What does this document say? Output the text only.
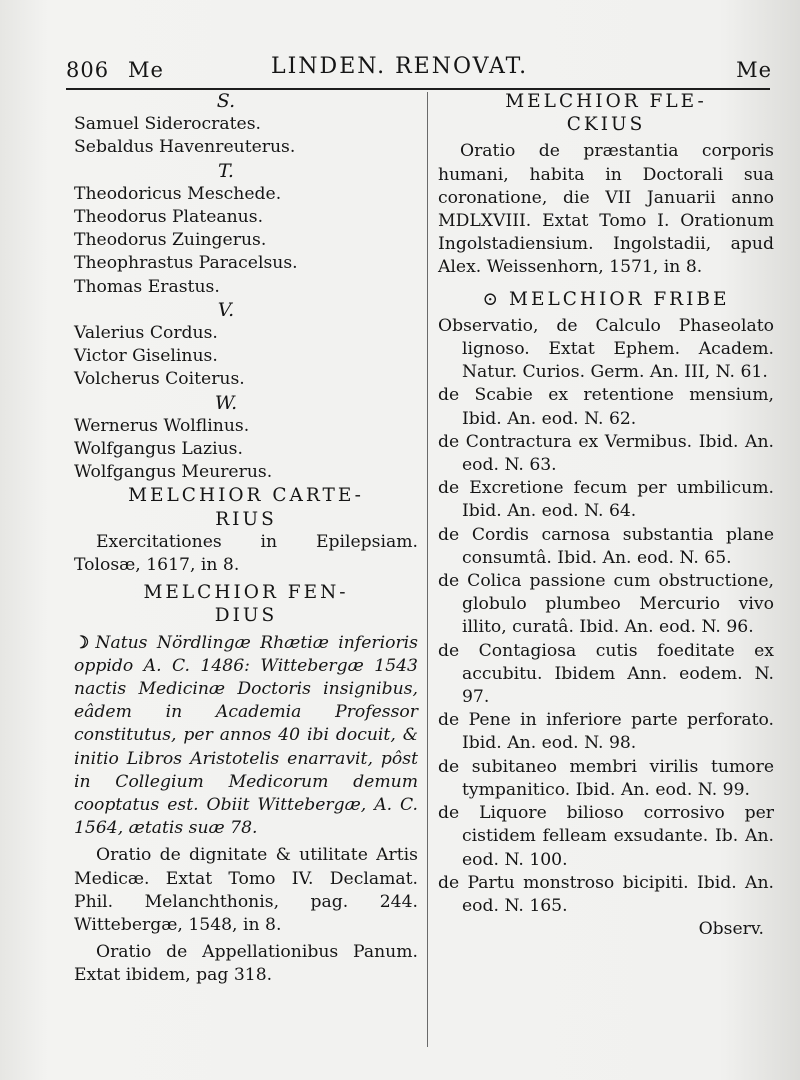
806 Me	LINDEN. RENOVAT.	Me
S.
Samuel Siderocrates.
Sebaldus Havenreuterus.
T.
Theodoricus Meschede.
Theodorus Plateanus.
Theodorus Zuingerus.
Theophrastus Paracelsus.
Thomas Erastus.
V.
Valerius Cordus.
Victor Giselinus.
Volcherus Coiterus.
W.
Wernerus Wolflinus.
Wolfgangus Lazius.
Wolfgangus Meurerus.
MELCHIOR CARTE-
RIUS
Exercitationes in Epilepsiam. Tolosæ, 1617, in 8.
MELCHIOR FEN-
DIUS
☽ Natus Nördlingæ Rhætiæ inferioris oppido A. C. 1486: Wittebergæ 1543 nactis Medicinæ Doctoris insignibus, eâdem in Academia Professor constitutus, per annos 40 ibi docuit, & initio Libros Aristotelis enarravit, pôst in Collegium Medicorum demum cooptatus est. Obiit Wittebergæ, A. C. 1564, ætatis suæ 78.
Oratio de dignitate & utilitate Artis Medicæ. Extat Tomo IV. Declamat. Phil. Melanchthonis, pag. 244. Wittebergæ, 1548, in 8.
Oratio de Appellationibus Panum. Extat ibidem, pag 318.
MELCHIOR FLE-
CKIUS
Oratio de præstantia corporis humani, habita in Doctorali sua coronatione, die VII Januarii anno MDLXVIII. Extat Tomo I. Orationum Ingolstadiensium. Ingolstadii, apud Alex. Weissenhorn, 1571, in 8.
⊙ MELCHIOR FRIBE
Observatio, de Calculo Phaseolato lignoso. Extat Ephem. Academ. Natur. Curios. Germ. An. III, N. 61.
de Scabie ex retentione mensium, Ibid. An. eod. N. 62.
de Contractura ex Vermibus. Ibid. An. eod. N. 63.
de Excretione fecum per umbilicum. Ibid. An. eod. N. 64.
de Cordis carnosa substantia plane consumtâ. Ibid. An. eod. N. 65.
de Colica passione cum obstructione, globulo plumbeo Mercurio vivo illito, curatâ. Ibid. An. eod. N. 96.
de Contagiosa cutis foeditate ex accubitu. Ibidem Ann. eodem. N. 97.
de Pene in inferiore parte perforato. Ibid. An. eod. N. 98.
de subitaneo membri virilis tumore tympanitico. Ibid. An. eod. N. 99.
de Liquore bilioso corrosivo per cistidem felleam exsudante. Ib. An. eod. N. 100.
de Partu monstroso bicipiti. Ibid. An. eod. N. 165.
Observ.
